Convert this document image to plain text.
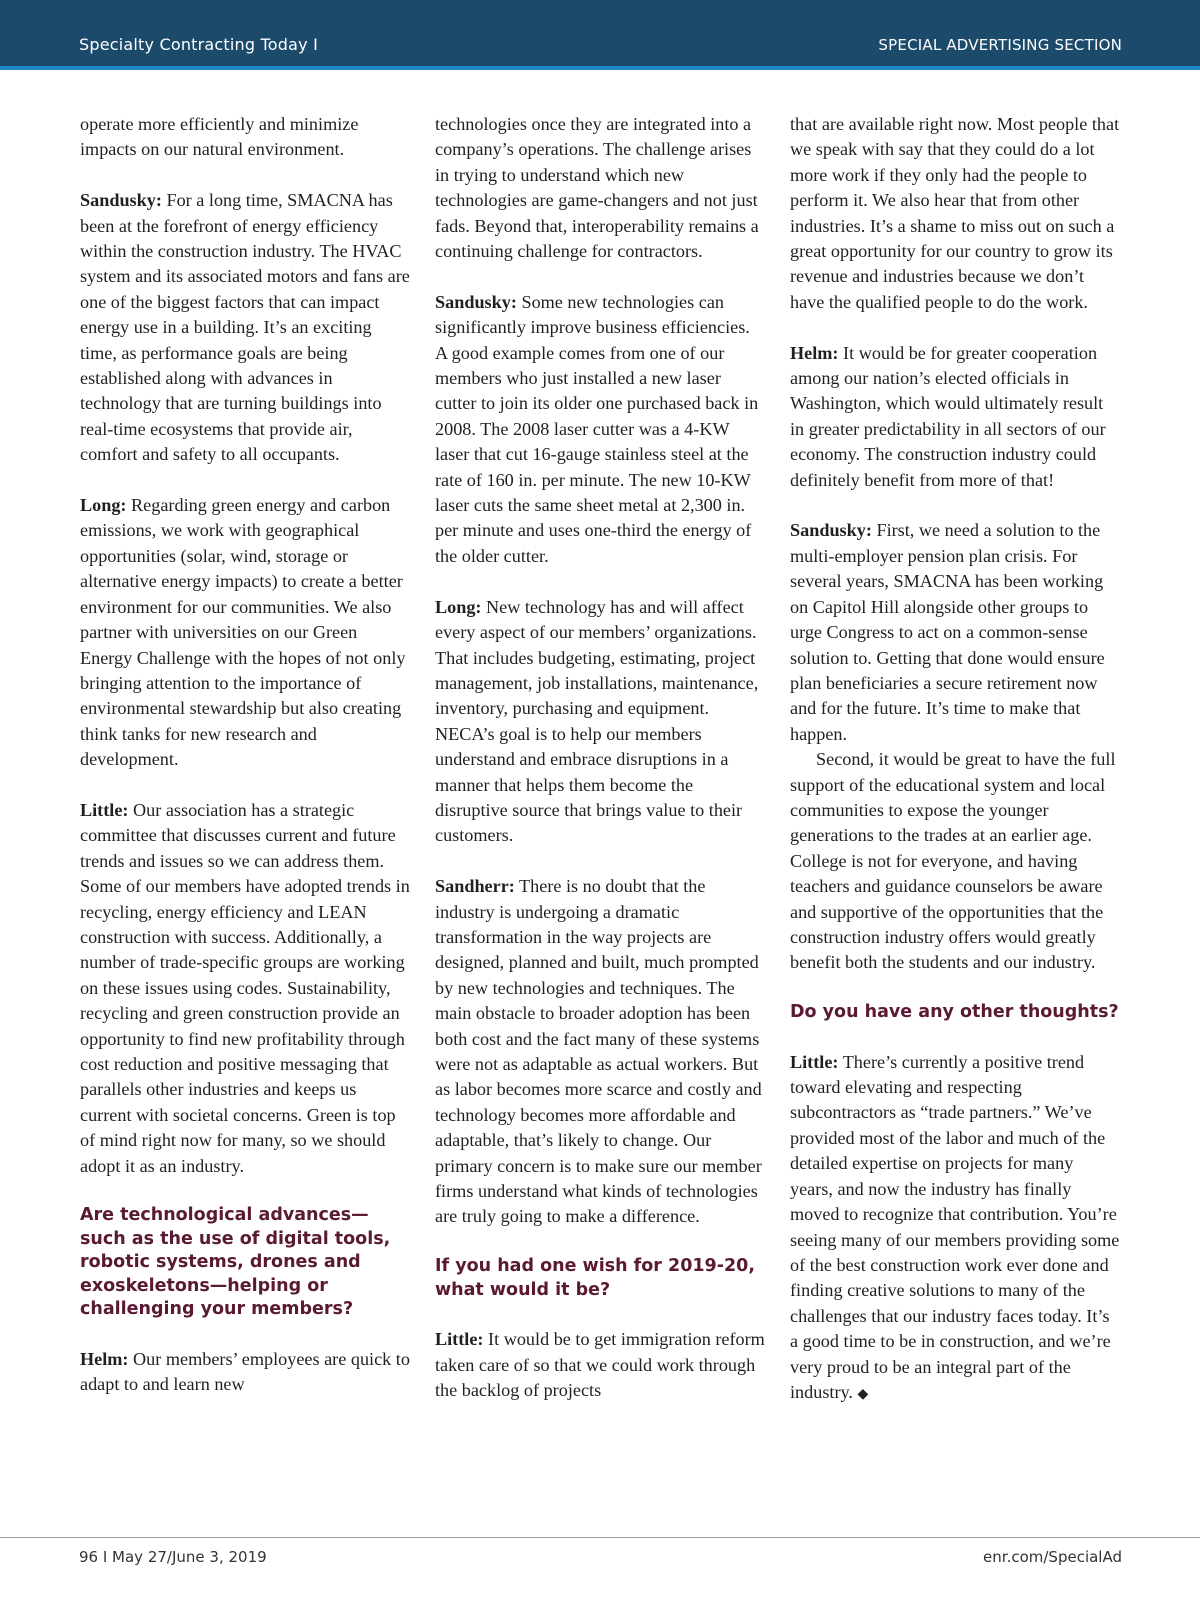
Specialty Contracting Today I	SPECIAL ADVERTISING SECTION

operate more efficiently and minimize impacts on our natural environment.

Sandusky: For a long time, SMACNA has been at the forefront of energy efficiency within the construction industry. The HVAC system and its associated motors and fans are one of the biggest factors that can impact energy use in a building. It’s an exciting time, as performance goals are being established along with advances in technology that are turning buildings into real-time ecosystems that provide air, comfort and safety to all occupants.

Long: Regarding green energy and carbon emissions, we work with geographical opportunities (solar, wind, storage or alternative energy impacts) to create a better environment for our communities. We also partner with universities on our Green Energy Challenge with the hopes of not only bringing attention to the importance of environmental stewardship but also creating think tanks for new research and development.

Little: Our association has a strategic committee that discusses current and future trends and issues so we can address them. Some of our members have adopted trends in recycling, energy efficiency and LEAN construction with success. Additionally, a number of trade-specific groups are working on these issues using codes. Sustainability, recycling and green construction provide an opportunity to find new profitability through cost reduction and positive messaging that parallels other industries and keeps us current with societal concerns. Green is top of mind right now for many, so we should adopt it as an industry.

Are technological advances—such as the use of digital tools, robotic systems, drones and exoskeletons—helping or challenging your members?

Helm: Our members’ employees are quick to adapt to and learn new

technologies once they are integrated into a company’s operations. The challenge arises in trying to understand which new technologies are game-changers and not just fads. Beyond that, interoperability remains a continuing challenge for contractors.

Sandusky: Some new technologies can significantly improve business efficiencies. A good example comes from one of our members who just installed a new laser cutter to join its older one purchased back in 2008. The 2008 laser cutter was a 4-KW laser that cut 16-gauge stainless steel at the rate of 160 in. per minute. The new 10-KW laser cuts the same sheet metal at 2,300 in. per minute and uses one-third the energy of the older cutter.

Long: New technology has and will affect every aspect of our members’ organizations. That includes budgeting, estimating, project management, job installations, maintenance, inventory, purchasing and equipment. NECA’s goal is to help our members understand and embrace disruptions in a manner that helps them become the disruptive source that brings value to their customers.

Sandherr: There is no doubt that the industry is undergoing a dramatic transformation in the way projects are designed, planned and built, much prompted by new technologies and techniques. The main obstacle to broader adoption has been both cost and the fact many of these systems were not as adaptable as actual workers. But as labor becomes more scarce and costly and technology becomes more affordable and adaptable, that’s likely to change. Our primary concern is to make sure our member firms understand what kinds of technologies are truly going to make a difference.

If you had one wish for 2019-20, what would it be?

Little: It would be to get immigration reform taken care of so that we could work through the backlog of projects

that are available right now. Most people that we speak with say that they could do a lot more work if they only had the people to perform it. We also hear that from other industries. It’s a shame to miss out on such a great opportunity for our country to grow its revenue and industries because we don’t have the qualified people to do the work.

Helm: It would be for greater cooperation among our nation’s elected officials in Washington, which would ultimately result in greater predictability in all sectors of our economy. The construction industry could definitely benefit from more of that!

Sandusky: First, we need a solution to the multi-employer pension plan crisis. For several years, SMACNA has been working on Capitol Hill alongside other groups to urge Congress to act on a common-sense solution to. Getting that done would ensure plan beneficiaries a secure retirement now and for the future. It’s time to make that happen.

Second, it would be great to have the full support of the educational system and local communities to expose the younger generations to the trades at an earlier age. College is not for everyone, and having teachers and guidance counselors be aware and supportive of the opportunities that the construction industry offers would greatly benefit both the students and our industry.

Do you have any other thoughts?

Little: There’s currently a positive trend toward elevating and respecting subcontractors as “trade partners.” We’ve provided most of the labor and much of the detailed expertise on projects for many years, and now the industry has finally moved to recognize that contribution. You’re seeing many of our members providing some of the best construction work ever done and finding creative solutions to many of the challenges that our industry faces today. It’s a good time to be in construction, and we’re very proud to be an integral part of the industry. ◆

96 I May 27/June 3, 2019	enr.com/SpecialAd
